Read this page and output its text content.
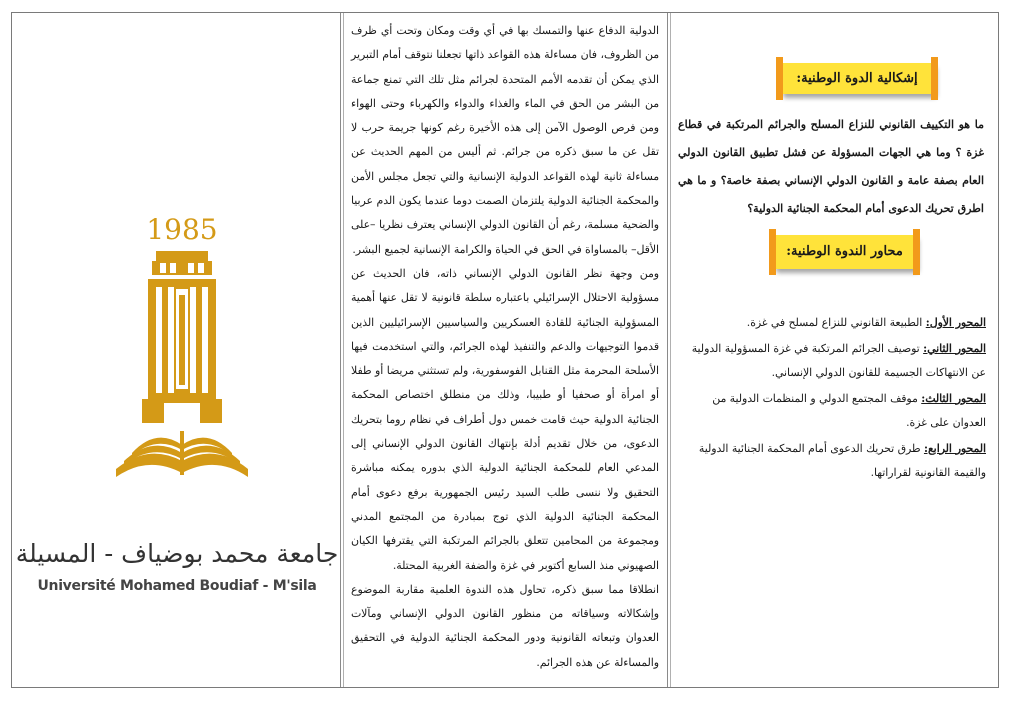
1985
جامعة محمد بوضياف - المسيلة
Université Mohamed Boudiaf - M'sila

الدولية الدفاع عنها والتمسك بها في أي وقت ومكان وتحت أي ظرف من الظروف، فان مساءلة هذه القواعد ذاتها تجعلنا نتوقف أمام التبرير الذي يمكن أن تقدمه الأمم المتحدة لجرائم مثل تلك التي تمنع جماعة من البشر من الحق في الماء والغذاء والدواء والكهرباء وحتى الهواء ومن فرص الوصول الآمن إلى هذه الأخيرة رغم كونها جريمة حرب لا تقل عن ما سبق ذكره من جرائم. ثم أليس من المهم الحديث عن مساءلة ثانية لهذه القواعد الدولية الإنسانية والتي تجعل مجلس الأمن والمحكمة الجنائية الدولية يلتزمان الصمت دوما عندما يكون الدم عربيا والضحية مسلمة، رغم أن القانون الدولي الإنساني يعترف نظريا –على الأقل– بالمساواة في الحق في الحياة والكرامة الإنسانية لجميع البشر.

ومن وجهة نظر القانون الدولي الإنساني ذاته، فان الحديث عن مسؤولية الاحتلال الإسرائيلي باعتباره سلطة قانونية لا تقل عنها أهمية المسؤولية الجنائية للقادة العسكريين والسياسيين الإسرائيليين الذين قدموا التوجيهات والدعم والتنفيذ لهذه الجرائم، والتي استخدمت فيها الأسلحة المحرمة مثل القنابل الفوسفورية، ولم تستثني مريضا أو طفلا أو امرأة أو صحفيا أو طبيبا، وذلك من منطلق اختصاص المحكمة الجنائية الدولية حيث قامت خمس دول أطراف في نظام روما بتحريك الدعوى، من خلال تقديم أدلة بإنتهاك القانون الدولي الإنساني إلى المدعي العام للمحكمة الجنائية الدولية الذي بدوره يمكنه مباشرة التحقيق ولا ننسى طلب السيد رئيس الجمهورية برفع دعوى أمام المحكمة الجنائية الدولية الذي توج بمبادرة من المجتمع المدني ومجموعة من المحامين تتعلق بالجرائم المرتكبة التي يقترفها الكيان الصهيوني منذ السابع أكتوبر في غزة والضفة الغربية المحتلة.

انطلاقا مما سبق ذكره، تحاول هذه الندوة العلمية مقاربة الموضوع وإشكالاته وسياقاته من منظور القانون الدولي الإنساني ومآلات العدوان وتبعاته القانونية ودور المحكمة الجنائية الدولية في التحقيق والمساءلة عن هذه الجرائم.

إشكالية الدوة الوطنية:
ما هو التكييف القانوني للنزاع المسلح والجرائم المرتكبة في قطاع غزة ؟ وما هي الجهات المسؤولة عن فشل تطبيق القانون الدولي العام بصفة عامة و القانون الدولي الإنساني بصفة خاصة؟ و ما هي اطرق تحريك الدعوى أمام المحكمة الجنائية الدولية؟
محاور الندوة الوطنية:

المحور الأول: الطبيعة القانوني للنزاع لمسلح في غزة.

المحور الثاني: توصيف الجرائم المرتكبة في غزة المسؤولية الدولية عن الانتهاكات الجسيمة للقانون الدولي الإنساني.

المحور الثالث: موقف المجتمع الدولي و المنظمات الدولية من العدوان على غزة.

المحور الرابع: طرق تحريك الدعوى أمام المحكمة الجنائية الدولية والقيمة القانونية لقراراتها.
